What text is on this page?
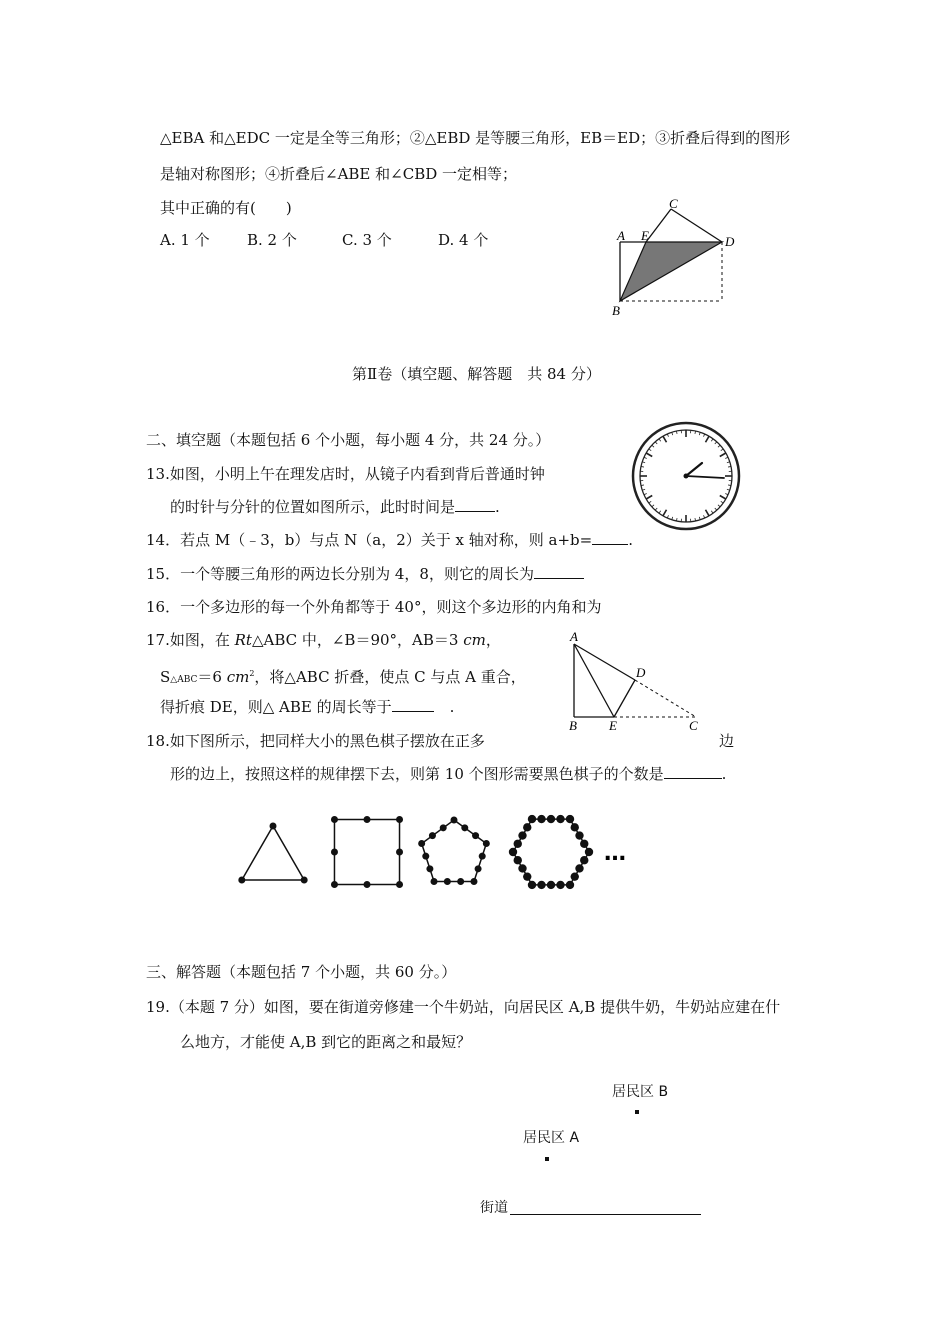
△EBA 和△EDC 一定是全等三角形；②△EBD 是等腰三角形，EB＝ED；③折叠后得到的图形
是轴对称图形；④折叠后∠ABE 和∠CBD 一定相等；
其中正确的有(　　)
A. 1 个 B. 2 个	C. 3 个	D. 4 个	A E
C
D
B
第Ⅱ卷（填空题、解答题　共 84 分）
二、填空题（本题包括 6 个小题，每小题 4 分，共 24 分。）
13.如图，小明上午在理发店时，从镜子内看到背后普通时钟
的时针与分针的位置如图所示，此时时间是	.
14．若点 M（﹣3，b）与点 N（a，2）关于 x 轴对称，则 a+b= .
15．一个等腰三角形的两边长分别为 4，8，则它的周长为
16．一个多边形的每一个外角都等于 40°，则这个多边形的内角和为
17.如图，在 Rt△ABC 中，∠B＝90°，AB＝3 cm，
S△ABC＝6 $cm^2$，将△ABC 折叠，使点 C 与点 A 重合，
得折痕 DE，则△ ABE 的周长等于	.
A
D
B E	C
18.如下图所示，把同样大小的黑色棋子摆放在正多	边
形的边上，按照这样的规律摆下去，则第 10 个图形需要黑色棋子的个数是	.
…
三、解答题（本题包括 7 个小题，共 60 分。）
19.（本题 7 分）如图，要在街道旁修建一个牛奶站，向居民区 A,B 提供牛奶，牛奶站应建在什
么地方，才能使 A,B 到它的距离之和最短？
居民区 B
居民区 A
街道
